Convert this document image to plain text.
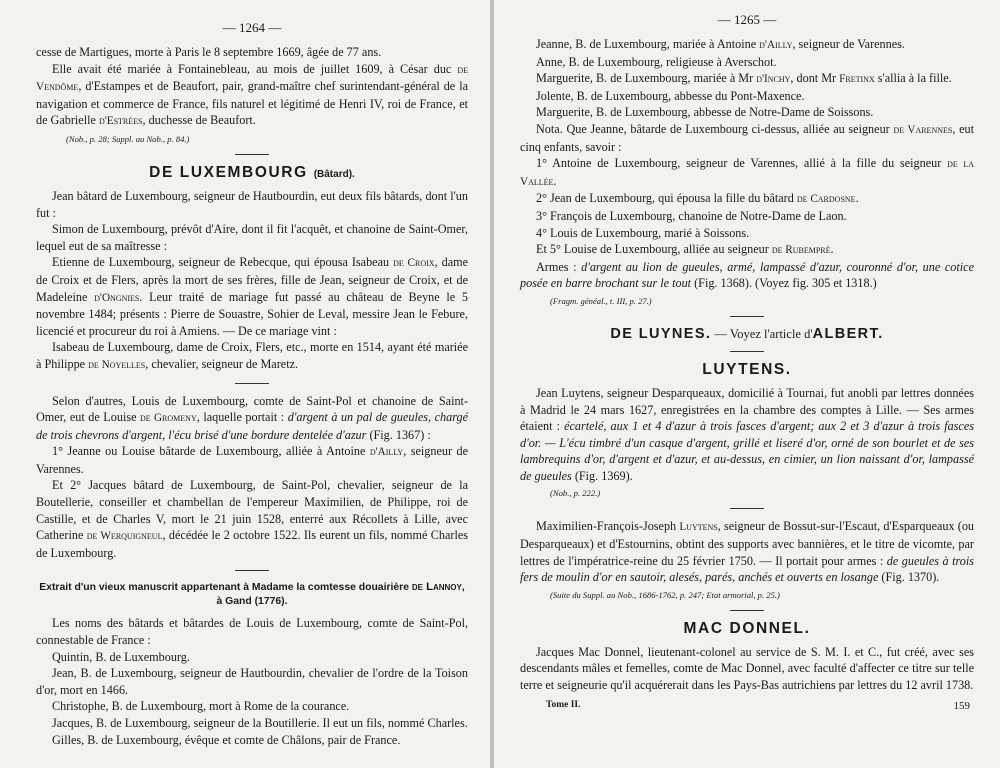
— 1264 —

cesse de Martigues, morte à Paris le 8 septembre 1669, âgée de 77 ans.

Elle avait été mariée à Fontainebleau, au mois de juillet 1609, à César duc de Vendôme, d'Estampes et de Beaufort, pair, grand-maître chef surintendant-général de la navigation et commerce de France, fils naturel et légitimé de Henri IV, roi de France, et de Gabrielle d'Estrées, duchesse de Beaufort.

(Nob., p. 28; Suppl. au Nob., p. 84.)
DE LUXEMBOURG (Bâtard).

Jean bâtard de Luxembourg, seigneur de Hautbourdin, eut deux fils bâtards, dont l'un fut :

Simon de Luxembourg, prévôt d'Aire, dont il fit l'acquêt, et chanoine de Saint-Omer, lequel eut de sa maîtresse :

Etienne de Luxembourg, seigneur de Rebecque, qui épousa Isabeau de Croix, dame de Croix et de Flers, après la mort de ses frères, fille de Jean, seigneur de Croix, et de Madeleine d'Ongnies. Leur traité de mariage fut passé au château de Beyne le 5 novembre 1484; présents : Pierre de Souastre, Sohier de Leval, messire Jean le Febure, licencié et procureur du roi à Amiens. — De ce mariage vint :

Isabeau de Luxembourg, dame de Croix, Flers, etc., morte en 1514, ayant été mariée à Philippe de Noyelles, chevalier, seigneur de Maretz.

Selon d'autres, Louis de Luxembourg, comte de Saint-Pol et chanoine de Saint-Omer, eut de Louise de Gromeny, laquelle portait : d'argent à un pal de gueules, chargé de trois chevrons d'argent, l'écu brisé d'une bordure dentelée d'azur (Fig. 1367) :

1° Jeanne ou Louise bâtarde de Luxembourg, alliée à Antoine d'Ailly, seigneur de Varennes.

Et 2° Jacques bâtard de Luxembourg, de Saint-Pol, chevalier, seigneur de la Boutellerie, conseiller et chambellan de l'empereur Maximilien, de Philippe, roi de Castille, et de Charles V, mort le 21 juin 1528, enterré aux Récollets à Lille, avec Catherine de Werquigneul, décédée le 2 octobre 1522. Ils eurent un fils, nommé Charles de Luxembourg.

Extrait d'un vieux manuscrit appartenant à Madame la comtesse douairière de Lannoy, à Gand (1776).

Les noms des bâtards et bâtardes de Louis de Luxembourg, comte de Saint-Pol, connestable de France :

Quintin, B. de Luxembourg.

Jean, B. de Luxembourg, seigneur de Hautbourdin, chevalier de l'ordre de la Toison d'or, mort en 1466.

Christophe, B. de Luxembourg, mort à Rome de la courance.

Jacques, B. de Luxembourg, seigneur de la Boutillerie. Il eut un fils, nommé Charles.

Gilles, B. de Luxembourg, évêque et comte de Châlons, pair de France.

— 1265 —

Jeanne, B. de Luxembourg, mariée à Antoine d'Ailly, seigneur de Varennes.

Anne, B. de Luxembourg, religieuse à Averschot.

Marguerite, B. de Luxembourg, mariée à Mr d'Inchy, dont Mr Fretinx s'allia à la fille.

Jolente, B. de Luxembourg, abbesse du Pont-Maxence.

Marguerite, B. de Luxembourg, abbesse de Notre-Dame de Soissons.

Nota. Que Jeanne, bâtarde de Luxembourg ci-dessus, alliée au seigneur de Varennes, eut cinq enfants, savoir :

1° Antoine de Luxembourg, seigneur de Varennes, allié à la fille du seigneur de la Vallée.

2° Jean de Luxembourg, qui épousa la fille du bâtard de Cardosne.

3° François de Luxembourg, chanoine de Notre-Dame de Laon.

4° Louis de Luxembourg, marié à Soissons.

Et 5° Louise de Luxembourg, alliée au seigneur de Rubempré.

Armes : d'argent au lion de gueules, armé, lampassé d'azur, couronné d'or, une cotice posée en barre brochant sur le tout (Fig. 1368). (Voyez fig. 305 et 1318.)

(Fragm. généal., t. III, p. 27.)
DE LUYNES. — Voyez l'article d'ALBERT.
LUYTENS.

Jean Luytens, seigneur Desparqueaux, domicilié à Tournai, fut anobli par lettres données à Madrid le 24 mars 1627, enregistrées en la chambre des comptes à Lille. — Ses armes étaient : écartelé, aux 1 et 4 d'azur à trois fasces d'argent; aux 2 et 3 d'azur à trois fasces d'or. — L'écu timbré d'un casque d'argent, grillé et liseré d'or, orné de son bourlet et de ses lambrequins d'or, d'argent et d'azur, et au-dessus, en cimier, un lion naissant d'or, lampassé de gueules (Fig. 1369).

(Nob., p. 222.)

Maximilien-François-Joseph Luytens, seigneur de Bossut-sur-l'Escaut, d'Esparqueaux (ou Desparqueaux) et d'Estournins, obtint des supports avec bannières, et le titre de vicomte, par lettres de l'impératrice-reine du 25 février 1750. — Il portait pour armes : de gueules à trois fers de moulin d'or en sautoir, alesés, parés, anchés et ouverts en losange (Fig. 1370).

(Suite du Suppl. au Nob., 1686-1762, p. 247; Etat armorial, p. 25.)
MAC DONNEL.

Jacques Mac Donnel, lieutenant-colonel au service de S. M. I. et C., fut créé, avec ses descendants mâles et femelles, comte de Mac Donnel, avec faculté d'affecter ce titre sur telle terre et seigneurie qu'il acquérerait dans les Pays-Bas autrichiens par lettres du 12 avril 1738.

Tome II.	159
